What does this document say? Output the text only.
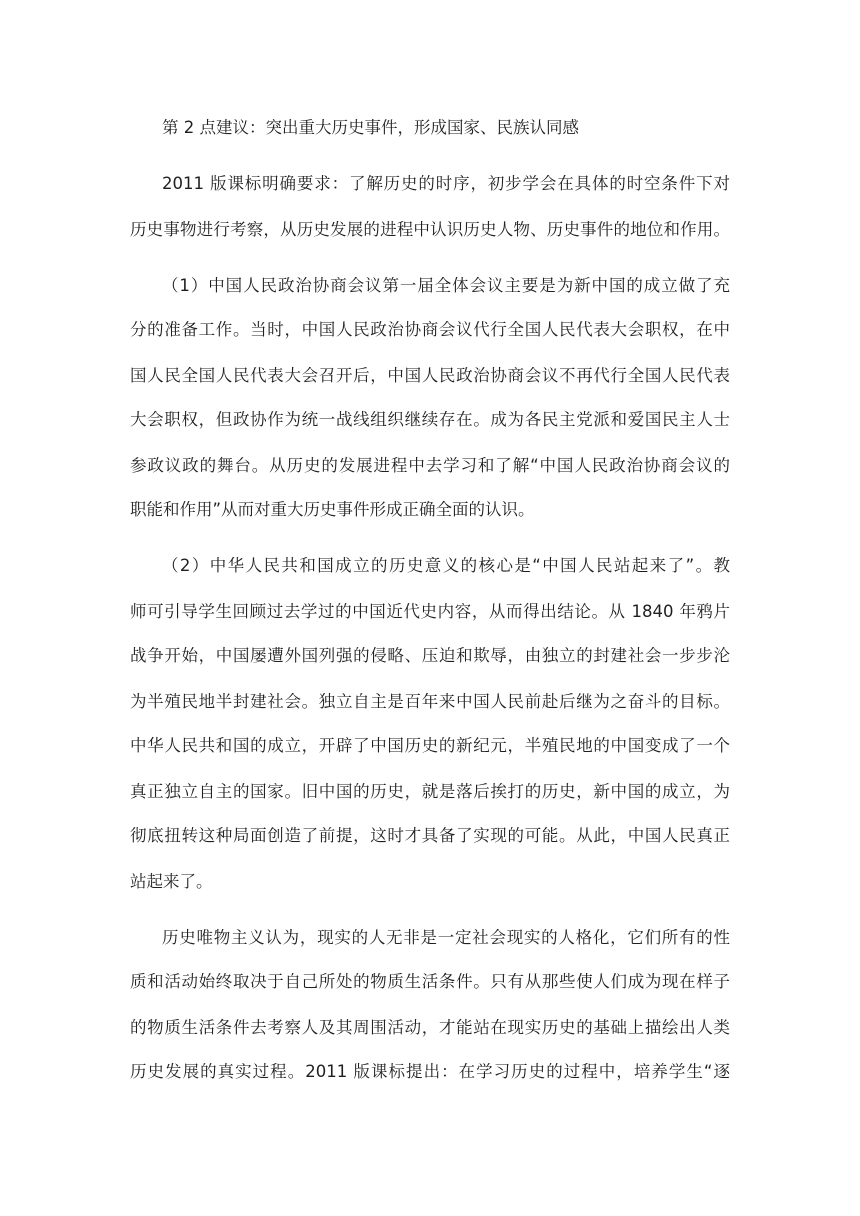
第 2 点建议：突出重大历史事件，形成国家、民族认同感

2011 版课标明确要求：了解历史的时序，初步学会在具体的时空条件下对

历史事物进行考察，从历史发展的进程中认识历史人物、历史事件的地位和作用。

（1）中国人民政治协商会议第一届全体会议主要是为新中国的成立做了充

分的准备工作。当时，中国人民政治协商会议代行全国人民代表大会职权，在中

国人民全国人民代表大会召开后，中国人民政治协商会议不再代行全国人民代表

大会职权，但政协作为统一战线组织继续存在。成为各民主党派和爱国民主人士

参政议政的舞台。从历史的发展进程中去学习和了解“中国人民政治协商会议的

职能和作用”从而对重大历史事件形成正确全面的认识。

（2）中华人民共和国成立的历史意义的核心是“中国人民站起来了”。教

师可引导学生回顾过去学过的中国近代史内容，从而得出结论。从 1840 年鸦片

战争开始，中国屡遭外国列强的侵略、压迫和欺辱，由独立的封建社会一步步沦

为半殖民地半封建社会。独立自主是百年来中国人民前赴后继为之奋斗的目标。

中华人民共和国的成立，开辟了中国历史的新纪元，半殖民地的中国变成了一个

真正独立自主的国家。旧中国的历史，就是落后挨打的历史，新中国的成立，为

彻底扭转这种局面创造了前提，这时才具备了实现的可能。从此，中国人民真正

站起来了。

历史唯物主义认为，现实的人无非是一定社会现实的人格化，它们所有的性

质和活动始终取决于自己所处的物质生活条件。只有从那些使人们成为现在样子

的物质生活条件去考察人及其周围活动，才能站在现实历史的基础上描绘出人类

历史发展的真实过程。2011 版课标提出：在学习历史的过程中，培养学生“逐
